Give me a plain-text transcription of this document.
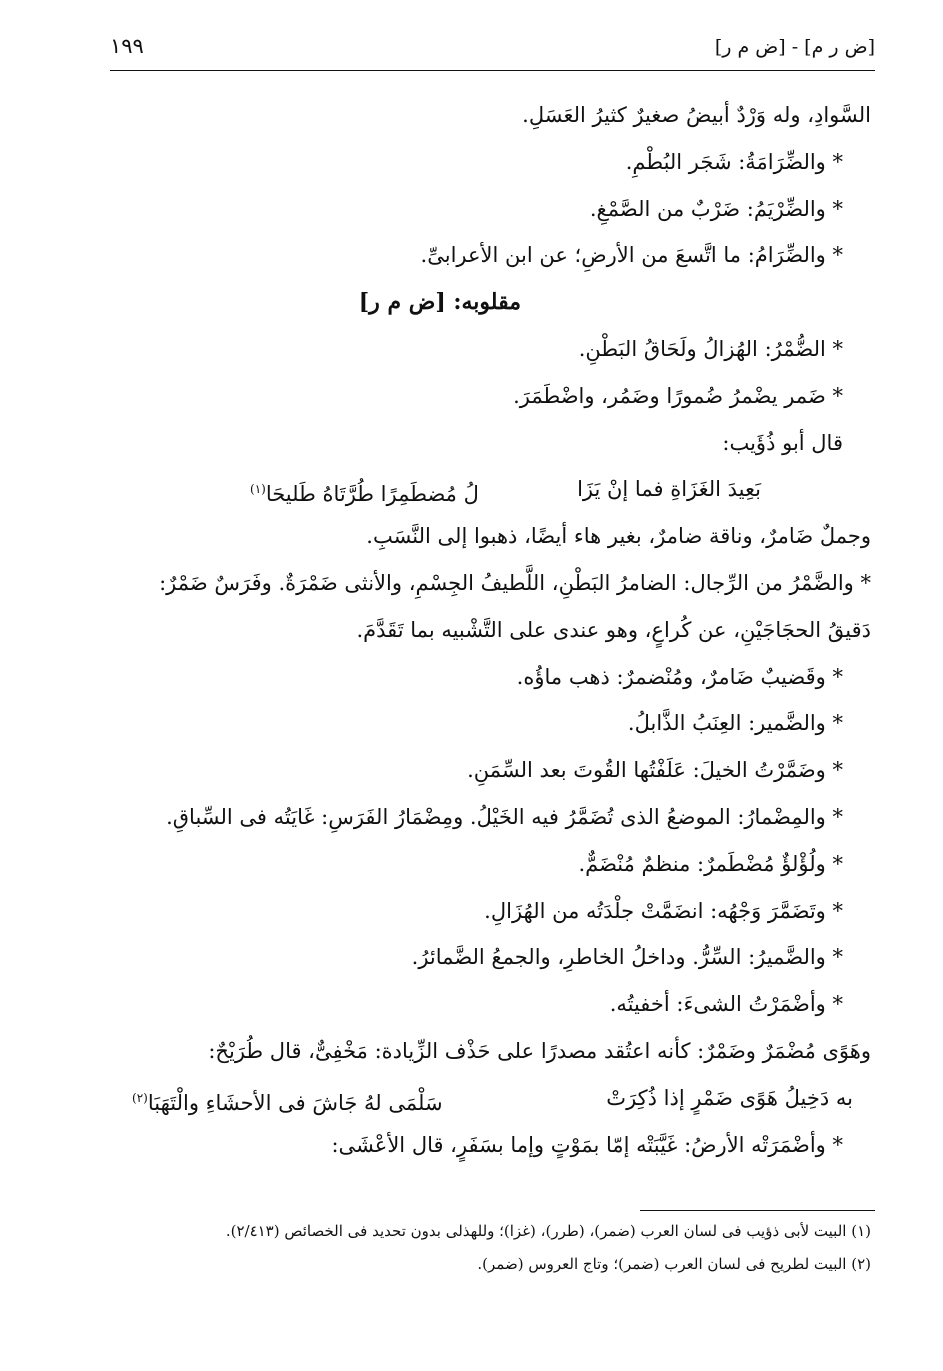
[ض ر م] - [ض م ر]
١٩٩
السَّوادِ، وله وَرْدٌ أبيضُ صغيرٌ كثيرُ العَسَلِ.
* والضِّرَامَةُ: شَجَر البُطْمِ.
* والضِّرْيَمُ: ضَرْبٌ من الصَّمْغِ.
* والضِّرَامُ: ما اتَّسعَ من الأرضِ؛ عن ابن الأعرابىِّ.
مقلوبه: [ض م ر]
* الضُّمْرُ: الهُزالُ ولَحَاقُ البَطْنِ.
* ضَمر يضْمرُ ضُمورًا وضَمُر، واضْطَمَرَ.
قال أبو ذُؤَيب:
بَعِيدَ الغَزَاةِ فما إنْ يَزَا
لُ مُضطَمِرًا طُرَّتَاهُ طَليحَا$^{(١)}$
وجملٌ ضَامرٌ، وناقة ضامرٌ، بغير هاء أيضًا، ذهبوا إلى النَّسَبِ.
* والضَّمْرُ من الرِّجال: الضامرُ البَطْنِ، اللَّطيفُ الجِسْمِ، والأنثى ضَمْرَةٌ. وفَرَسٌ ضَمْرٌ:
دَقيقُ الحجَاجَيْنِ، عن كُراعٍ، وهو عندى على التَّشْبيه بما تَقَدَّمَ.
* وقَضيبٌ ضَامرٌ، ومُنْضمرٌ: ذهب ماؤُه.
* والضَّمير: العِنَبُ الذَّابلُ.
* وضَمَّرْتُ الخيلَ: عَلَفْتُها القُوتَ بعد السِّمَنِ.
* والمِضْمارُ: الموضعُ الذى تُضَمَّرُ فيه الخَيْلُ. ومِضْمَارُ الفَرَسِ: غَايَتُه فى السِّباقِ.
* ولُؤْلؤٌ مُضْطَمرٌ: منظمٌ مُنْضَمٌّ.
* وتَضَمَّرَ وَجْهُه: انضَمَّتْ جلْدَتُه من الهُزَالِ.
* والضَّميرُ: السِّرُّ. وداخلُ الخاطرِ، والجمعُ الضَّمائرُ.
* وأضْمَرْتُ الشىءَ: أخفيتُه.
وهَوًى مُضْمَرٌ وضَمْرٌ: كأنه اعتُقد مصدرًا على حَذْف الزِّيادة: مَخْفِىٌّ، قال طُرَيْحٌ:
به دَخِيلُ هَوًى ضَمْرٍ إذا ذُكِرَتْ
سَلْمَى لهُ جَاشَ فى الأحشَاءِ والْتَهَبَا$^{(٢)}$
* وأضْمَرَتْه الأرضُ: غَيَّبَتْه إمّا بمَوْتٍ وإما بسَفَرٍ، قال الأعْشَى:

(١) البيت لأبى ذؤيب فى لسان العرب (ضمر)، (طرر)، (غزا)؛ وللهذلى بدون تحديد فى الخصائص (٢/٤١٣).

(٢) البيت لطريح فى لسان العرب (ضمر)؛ وتاج العروس (ضمر).
